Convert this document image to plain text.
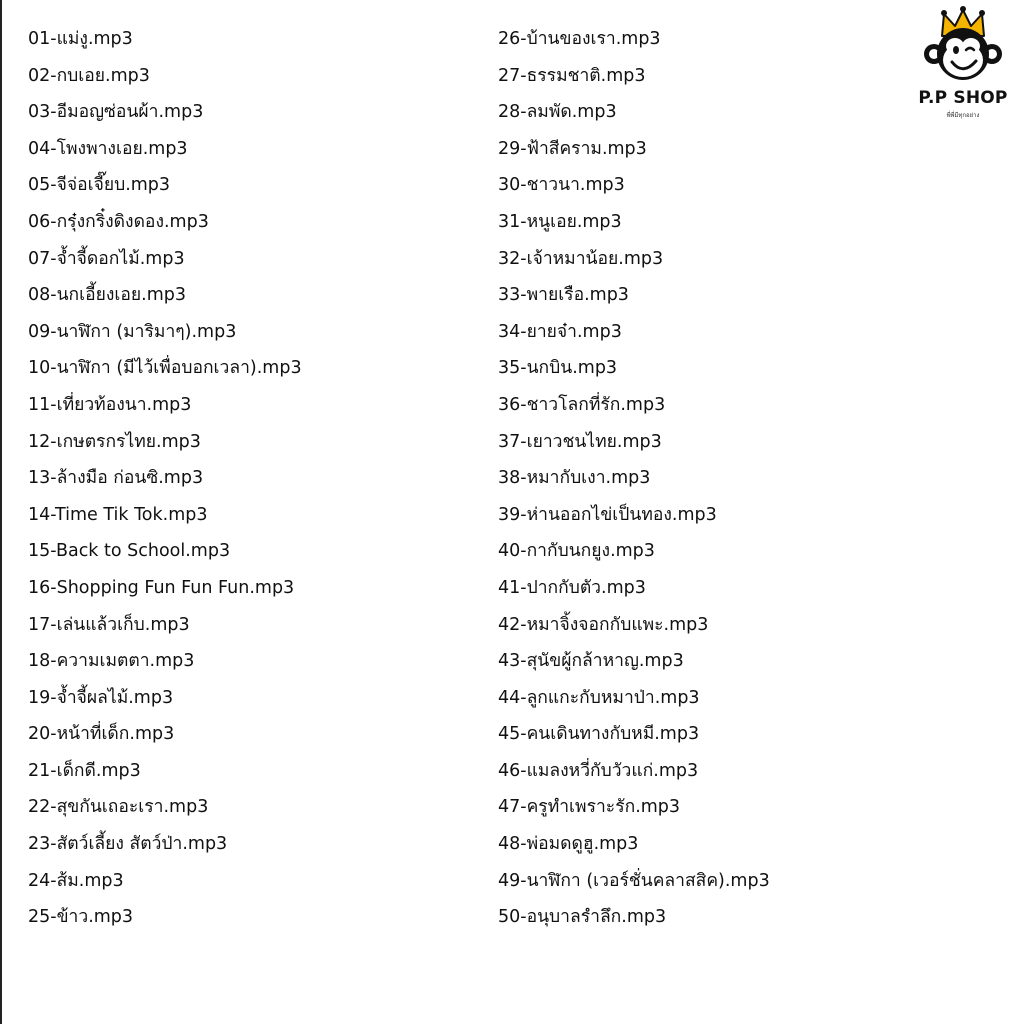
01-แม่งู.mp3
02-กบเอย.mp3
03-อีมอญซ่อนผ้า.mp3
04-โพงพางเอย.mp3
05-จีจ่อเจี๊ยบ.mp3
06-กรุ๋งกริ๋งดิงดอง.mp3
07-จ้ำจี้ดอกไม้.mp3
08-นกเอี้ยงเอย.mp3
09-นาฬิกา (มาริมาๆ).mp3
10-นาฬิกา (มีไว้เพื่อบอกเวลา).mp3
11-เที่ยวท้องนา.mp3
12-เกษตรกรไทย.mp3
13-ล้างมือ ก่อนซิ.mp3
14-Time Tik Tok.mp3
15-Back to School.mp3
16-Shopping Fun Fun Fun.mp3
17-เล่นแล้วเก็บ.mp3
18-ความเมตตา.mp3
19-จ้ำจี้ผลไม้.mp3
20-หน้าที่เด็ก.mp3
21-เด็กดี.mp3
22-สุขกันเถอะเรา.mp3
23-สัตว์เลี้ยง สัตว์ป่า.mp3
24-ส้ม.mp3
25-ข้าว.mp3
26-บ้านของเรา.mp3
27-ธรรมชาติ.mp3
28-ลมพัด.mp3
29-ฟ้าสีคราม.mp3
30-ชาวนา.mp3
31-หนูเอย.mp3
32-เจ้าหมาน้อย.mp3
33-พายเรือ.mp3
34-ยายจ๋า.mp3
35-นกบิน.mp3
36-ชาวโลกที่รัก.mp3
37-เยาวชนไทย.mp3
38-หมากับเงา.mp3
39-ห่านออกไข่เป็นทอง.mp3
40-กากับนกยูง.mp3
41-ปากกับตัว.mp3
42-หมาจิ้งจอกกับแพะ.mp3
43-สุนัขผู้กล้าหาญ.mp3
44-ลูกแกะกับหมาป่า.mp3
45-คนเดินทางกับหมี.mp3
46-แมลงหวี่กับวัวแก่.mp3
47-ครูทำเพราะรัก.mp3
48-พ่อมดดูฮู.mp3
49-นาฬิกา (เวอร์ชั่นคลาสสิค).mp3
50-อนุบาลรำลึก.mp3
P.P SHOP
พี่พี่มีทุกอย่าง
